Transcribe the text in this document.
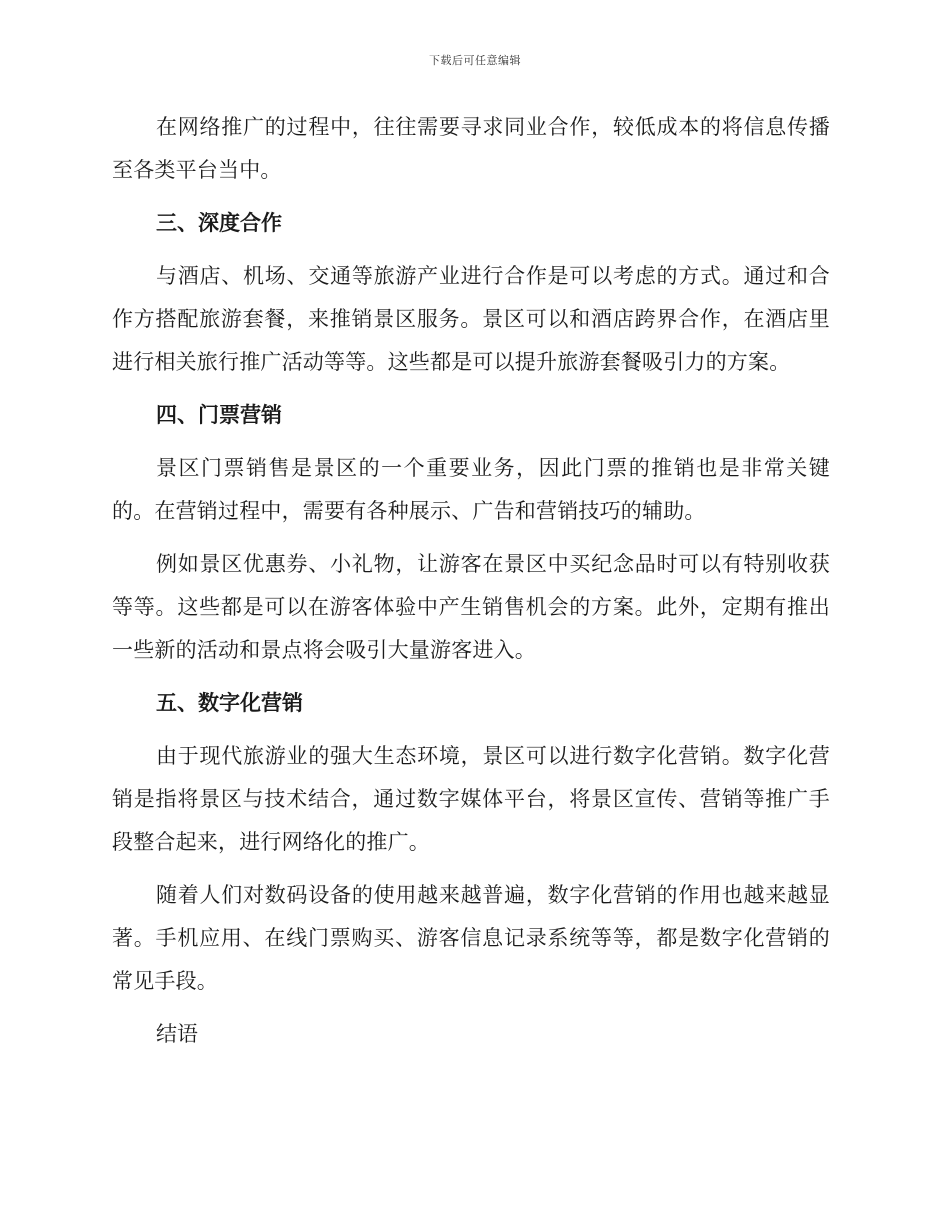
下载后可任意编辑

在网络推广的过程中，往往需要寻求同业合作，较低成本的将信息传播至各类平台当中。

三、深度合作

与酒店、机场、交通等旅游产业进行合作是可以考虑的方式。通过和合作方搭配旅游套餐，来推销景区服务。景区可以和酒店跨界合作，在酒店里进行相关旅行推广活动等等。这些都是可以提升旅游套餐吸引力的方案。

四、门票营销

景区门票销售是景区的一个重要业务，因此门票的推销也是非常关键的。在营销过程中，需要有各种展示、广告和营销技巧的辅助。

例如景区优惠券、小礼物，让游客在景区中买纪念品时可以有特别收获等等。这些都是可以在游客体验中产生销售机会的方案。此外，定期有推出一些新的活动和景点将会吸引大量游客进入。

五、数字化营销

由于现代旅游业的强大生态环境，景区可以进行数字化营销。数字化营销是指将景区与技术结合，通过数字媒体平台，将景区宣传、营销等推广手段整合起来，进行网络化的推广。

随着人们对数码设备的使用越来越普遍，数字化营销的作用也越来越显著。手机应用、在线门票购买、游客信息记录系统等等，都是数字化营销的常见手段。

结语
